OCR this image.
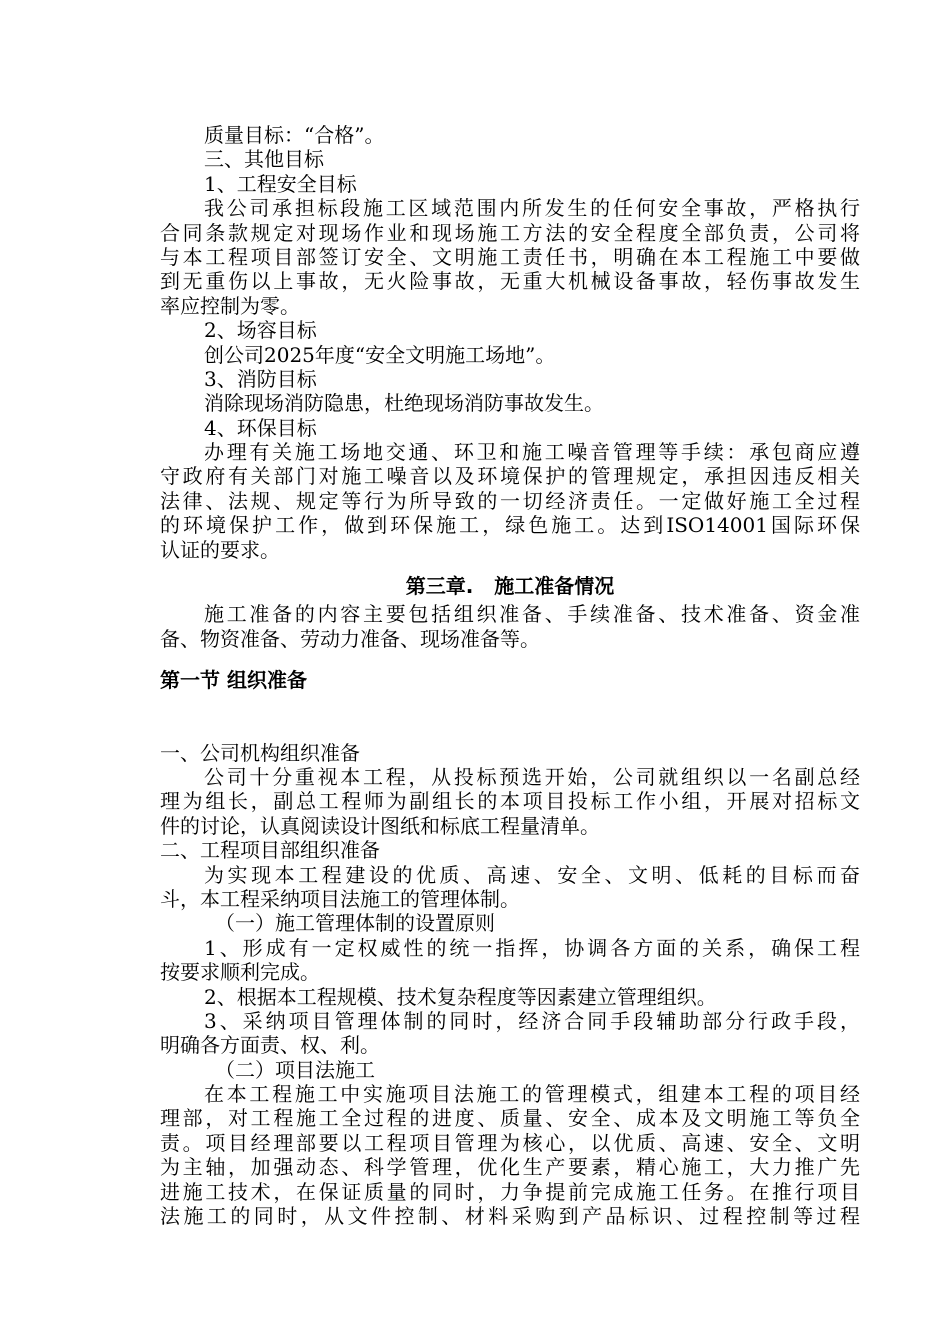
质量目标：“合格”。
三、其他目标
1、工程安全目标
我公司承担标段施工区域范围内所发生的任何安全事故，严格执行
合同条款规定对现场作业和现场施工方法的安全程度全部负责，公司将
与本工程项目部签订安全、文明施工责任书，明确在本工程施工中要做
到无重伤以上事故，无火险事故，无重大机械设备事故，轻伤事故发生
率应控制为零。
2、场容目标
创公司2025年度“安全文明施工场地”。
3、消防目标
消除现场消防隐患，杜绝现场消防事故发生。
4、环保目标
办理有关施工场地交通、环卫和施工噪音管理等手续：承包商应遵
守政府有关部门对施工噪音以及环境保护的管理规定，承担因违反相关
法律、法规、规定等行为所导致的一切经济责任。一定做好施工全过程
的环境保护工作，做到环保施工，绿色施工。达到ISO14001国际环保
认证的要求。
第三章.   施工准备情况
施工准备的内容主要包括组织准备、手续准备、技术准备、资金准
备、物资准备、劳动力准备、现场准备等。
第一节 组织准备
一、公司机构组织准备
公司十分重视本工程，从投标预选开始，公司就组织以一名副总经
理为组长，副总工程师为副组长的本项目投标工作小组，开展对招标文
件的讨论，认真阅读设计图纸和标底工程量清单。
二、工程项目部组织准备
为实现本工程建设的优质、高速、安全、文明、低耗的目标而奋
斗，本工程采纳项目法施工的管理体制。
（一）施工管理体制的设置原则
1、形成有一定权威性的统一指挥，协调各方面的关系，确保工程
按要求顺利完成。
2、根据本工程规模、技术复杂程度等因素建立管理组织。
3、采纳项目管理体制的同时，经济合同手段辅助部分行政手段，
明确各方面责、权、利。
（二）项目法施工
在本工程施工中实施项目法施工的管理模式，组建本工程的项目经
理部，对工程施工全过程的进度、质量、安全、成本及文明施工等负全
责。项目经理部要以工程项目管理为核心，以优质、高速、安全、文明
为主轴，加强动态、科学管理，优化生产要素，精心施工，大力推广先
进施工技术，在保证质量的同时，力争提前完成施工任务。在推行项目
法施工的同时，从文件控制、材料采购到产品标识、过程控制等过程
